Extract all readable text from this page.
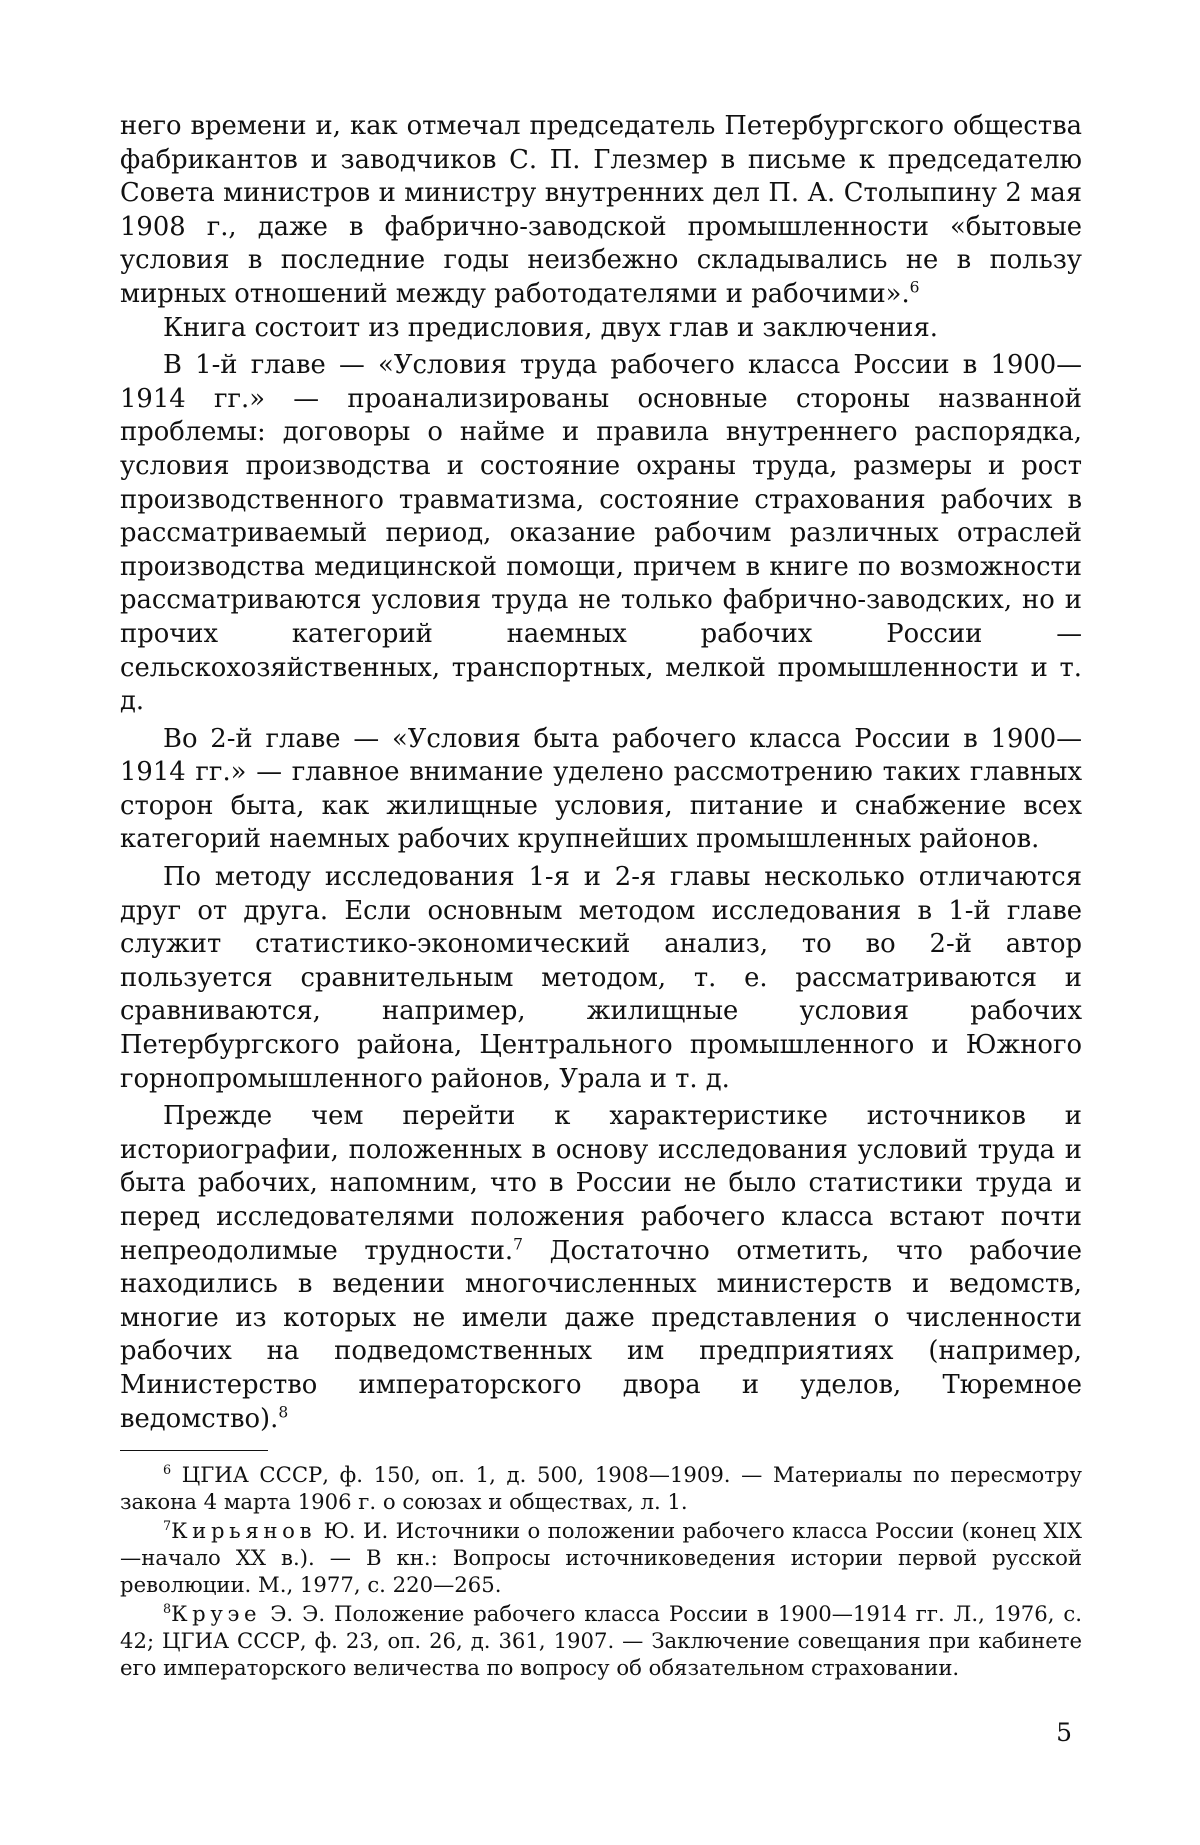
него времени и, как отмечал председатель Петербургского общества фабрикантов и заводчиков С. П. Глезмер в письме к председателю Совета министров и министру внутренних дел П. А. Столыпину 2 мая 1908 г., даже в фабрично-заводской промышленности «бытовые условия в последние годы неизбежно складывались не в пользу мирных отношений между работодателями и рабочими».$^6$

Книга состоит из предисловия, двух глав и заключения.

В 1-й главе — «Условия труда рабочего класса России в 1900—1914 гг.» — проанализированы основные стороны названной проблемы: договоры о найме и правила внутреннего распорядка, условия производства и состояние охраны труда, размеры и рост производственного травматизма, состояние страхования рабочих в рассматриваемый период, оказание рабочим различных отраслей производства медицинской помощи, причем в книге по возможности рассматриваются условия труда не только фабрично-заводских, но и прочих категорий наемных рабочих России — сельскохозяйственных, транспортных, мелкой промышленности и т. д.

Во 2-й главе — «Условия быта рабочего класса России в 1900—1914 гг.» — главное внимание уделено рассмотрению таких главных сторон быта, как жилищные условия, питание и снабжение всех категорий наемных рабочих крупнейших промышленных районов.

По методу исследования 1-я и 2-я главы несколько отличаются друг от друга. Если основным методом исследования в 1-й главе служит статистико-экономический анализ, то во 2-й автор пользуется сравнительным методом, т. е. рассматриваются и сравниваются, например, жилищные условия рабочих Петербургского района, Центрального промышленного и Южного горнопромышленного районов, Урала и т. д.

Прежде чем перейти к характеристике источников и историографии, положенных в основу исследования условий труда и быта рабочих, напомним, что в России не было статистики труда и перед исследователями положения рабочего класса встают почти непреодолимые трудности.$^7$ Достаточно отметить, что рабочие находились в ведении многочисленных министерств и ведомств, многие из которых не имели даже представления о численности рабочих на подведомственных им предприятиях (например, Министерство императорского двора и уделов, Тюремное ведомство).$^8$

$^6$ ЦГИА СССР, ф. 150, оп. 1, д. 500, 1908—1909. — Материалы по пересмотру закона 4 марта 1906 г. о союзах и обществах, л. 1.

$^7$Кирьянов Ю. И. Источники о положении рабочего класса России (конец XIX—начало XX в.). — В кн.: Вопросы источниковедения истории первой русской революции. М., 1977, с. 220—265.

$^8$Круэе Э. Э. Положение рабочего класса России в 1900—1914 гг. Л., 1976, с. 42; ЦГИА СССР, ф. 23, оп. 26, д. 361, 1907. — Заключение совещания при кабинете его императорского величества по вопросу об обязательном страховании.

5
